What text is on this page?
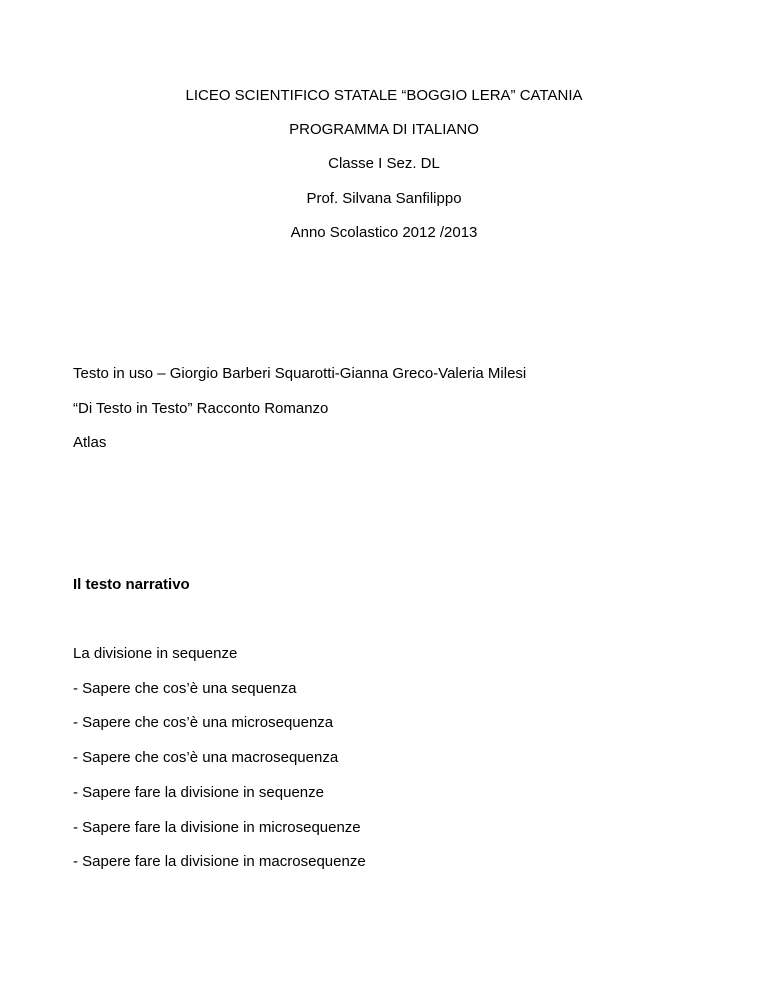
LICEO SCIENTIFICO STATALE “BOGGIO LERA” CATANIA
PROGRAMMA DI ITALIANO
Classe I Sez. DL
Prof. Silvana Sanfilippo
Anno Scolastico 2012 /2013
Testo in uso – Giorgio Barberi Squarotti-Gianna Greco-Valeria Milesi
“Di Testo in Testo” Racconto Romanzo
Atlas
Il testo narrativo
La divisione in sequenze
- Sapere che cos’è una sequenza
- Sapere che cos’è una microsequenza
- Sapere che cos’è una macrosequenza
- Sapere fare la divisione in sequenze
- Sapere fare la divisione in microsequenze
- Sapere fare la divisione in macrosequenze
